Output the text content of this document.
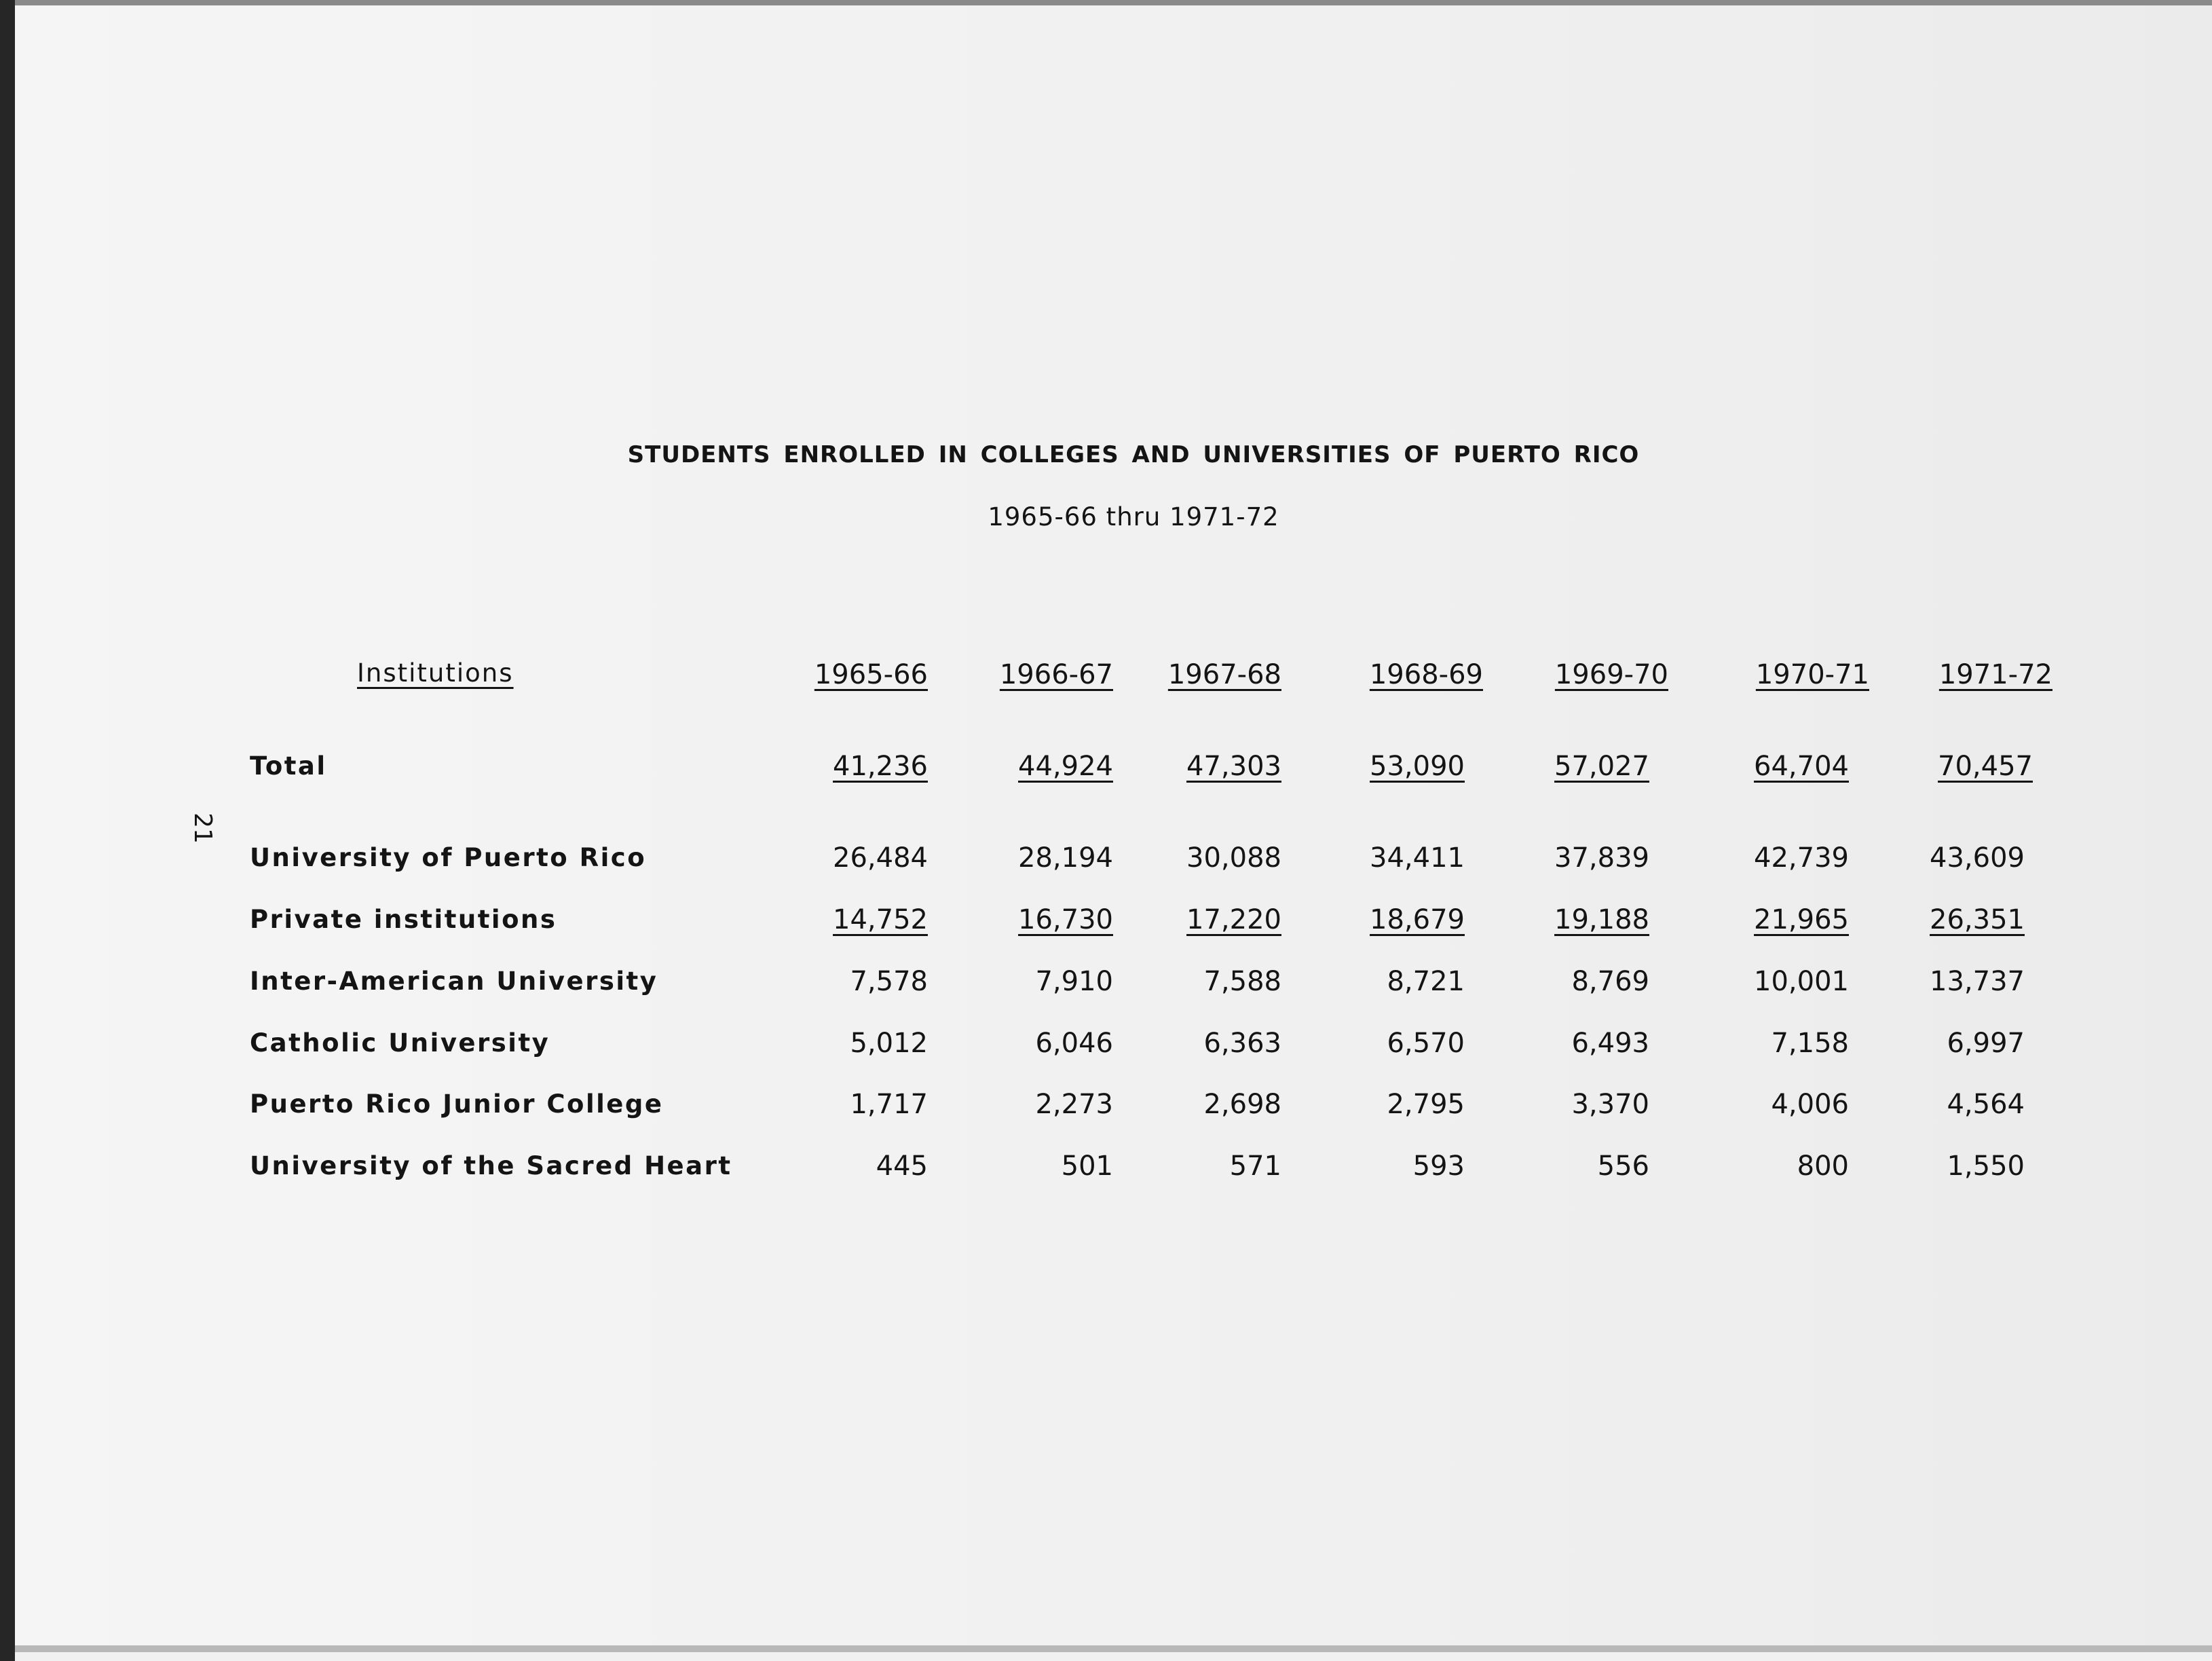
21
STUDENTS ENROLLED IN COLLEGES AND UNIVERSITIES OF PUERTO RICO
1965-66 thru 1971-72
Institutions	1965-66	1966-67	1967-68	1968-69	1969-70	1970-71	1971-72
Total	41,236	44,924	47,303	53,090	57,027	64,704	70,457
University of Puerto Rico	26,484	28,194	30,088	34,411	37,839	42,739	43,609
Private institutions	14,752	16,730	17,220	18,679	19,188	21,965	26,351
Inter-American University	7,578	7,910	7,588	8,721	8,769	10,001	13,737
Catholic University	5,012	6,046	6,363	6,570	6,493	7,158	6,997
Puerto Rico Junior College	1,717	2,273	2,698	2,795	3,370	4,006	4,564
University of the Sacred Heart	445	501	571	593	556	800	1,550
